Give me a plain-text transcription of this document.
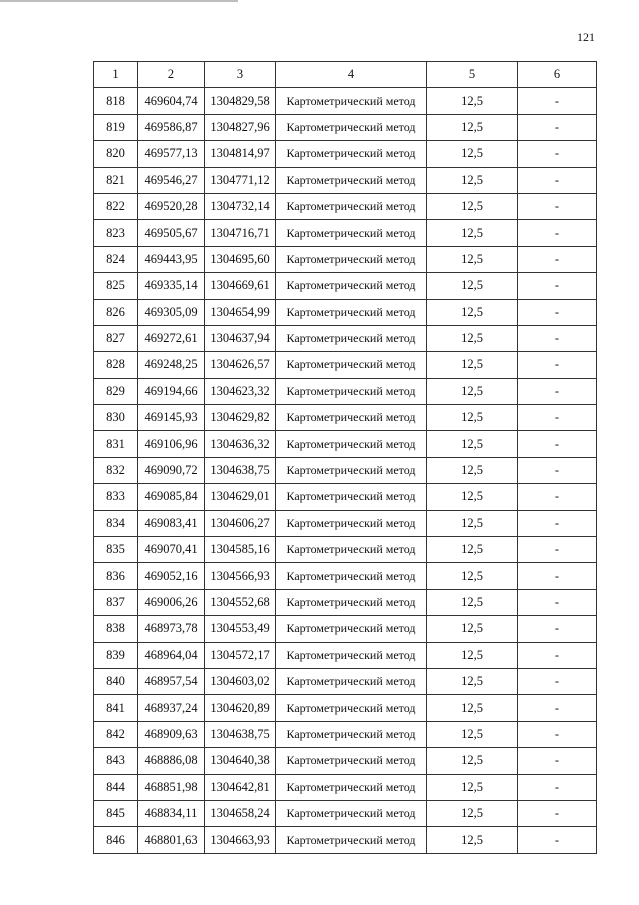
121
1	2	3	4	5	6
818	469604,74	1304829,58	Картометрический метод	12,5	-
819	469586,87	1304827,96	Картометрический метод	12,5	-
820	469577,13	1304814,97	Картометрический метод	12,5	-
821	469546,27	1304771,12	Картометрический метод	12,5	-
822	469520,28	1304732,14	Картометрический метод	12,5	-
823	469505,67	1304716,71	Картометрический метод	12,5	-
824	469443,95	1304695,60	Картометрический метод	12,5	-
825	469335,14	1304669,61	Картометрический метод	12,5	-
826	469305,09	1304654,99	Картометрический метод	12,5	-
827	469272,61	1304637,94	Картометрический метод	12,5	-
828	469248,25	1304626,57	Картометрический метод	12,5	-
829	469194,66	1304623,32	Картометрический метод	12,5	-
830	469145,93	1304629,82	Картометрический метод	12,5	-
831	469106,96	1304636,32	Картометрический метод	12,5	-
832	469090,72	1304638,75	Картометрический метод	12,5	-
833	469085,84	1304629,01	Картометрический метод	12,5	-
834	469083,41	1304606,27	Картометрический метод	12,5	-
835	469070,41	1304585,16	Картометрический метод	12,5	-
836	469052,16	1304566,93	Картометрический метод	12,5	-
837	469006,26	1304552,68	Картометрический метод	12,5	-
838	468973,78	1304553,49	Картометрический метод	12,5	-
839	468964,04	1304572,17	Картометрический метод	12,5	-
840	468957,54	1304603,02	Картометрический метод	12,5	-
841	468937,24	1304620,89	Картометрический метод	12,5	-
842	468909,63	1304638,75	Картометрический метод	12,5	-
843	468886,08	1304640,38	Картометрический метод	12,5	-
844	468851,98	1304642,81	Картометрический метод	12,5	-
845	468834,11	1304658,24	Картометрический метод	12,5	-
846	468801,63	1304663,93	Картометрический метод	12,5	-
